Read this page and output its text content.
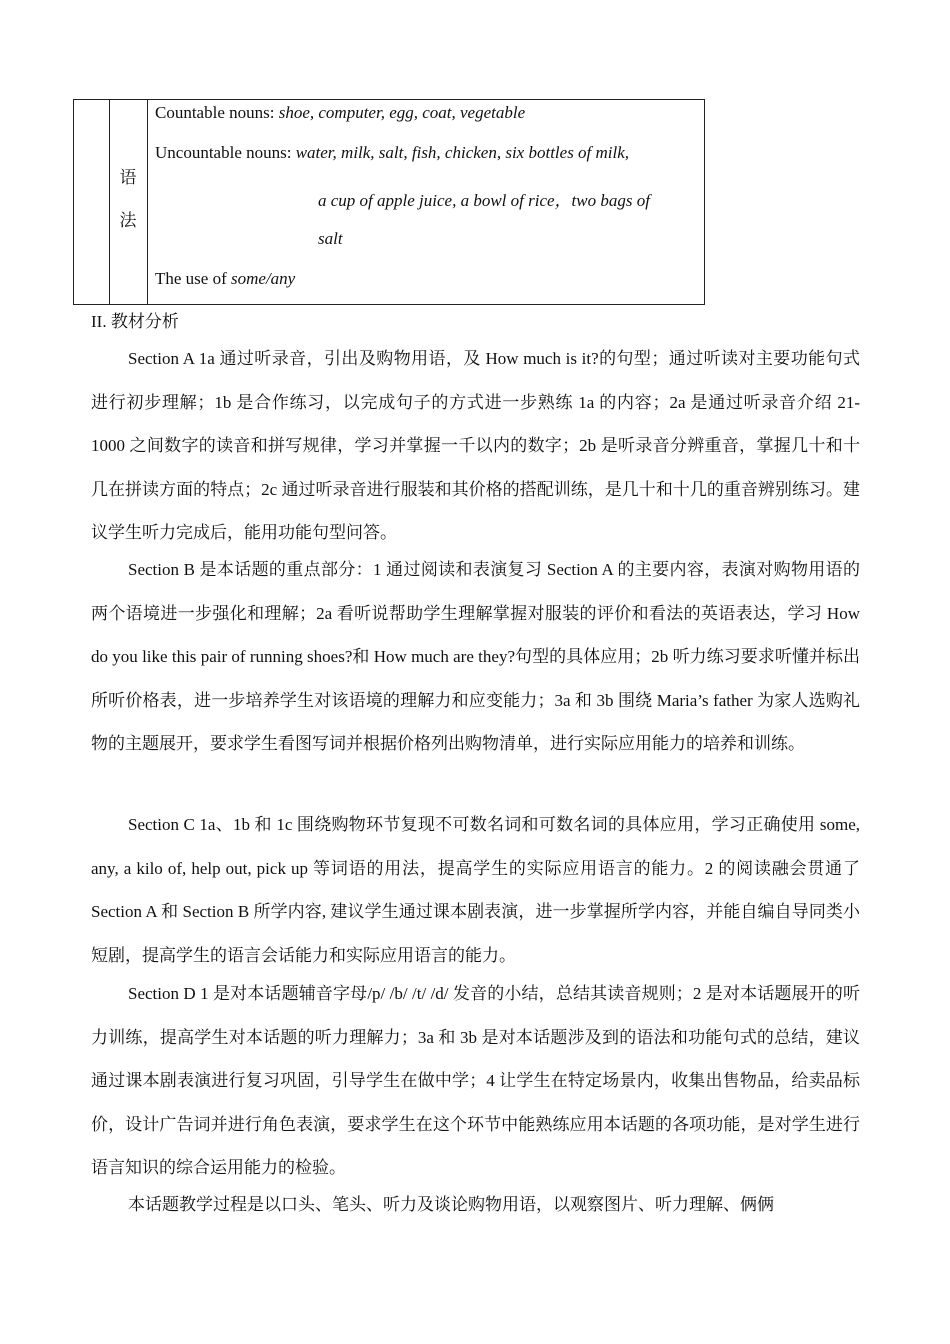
语
法
Countable nouns: shoe, computer, egg, coat, vegetable
Uncountable nouns: water, milk, salt, fish, chicken, six bottles of milk,
a cup of apple juice, a bowl of rice，two bags of
salt
The use of some/any
II. 教材分析

Section A 1a 通过听录音，引出及购物用语，及 How much is it?的句型；通过听读对主要功能句式进行初步理解；1b 是合作练习，以完成句子的方式进一步熟练 1a 的内容；2a 是通过听录音介绍 21-1000 之间数字的读音和拼写规律，学习并掌握一千以内的数字；2b 是听录音分辨重音，掌握几十和十几在拼读方面的特点；2c 通过听录音进行服装和其价格的搭配训练，是几十和十几的重音辨别练习。建议学生听力完成后，能用功能句型问答。

Section B 是本话题的重点部分：1 通过阅读和表演复习 Section A 的主要内容，表演对购物用语的两个语境进一步强化和理解；2a 看听说帮助学生理解掌握对服装的评价和看法的英语表达，学习 How do you like this pair of running shoes?和 How much are they?句型的具体应用；2b 听力练习要求听懂并标出所听价格表，进一步培养学生对该语境的理解力和应变能力；3a 和 3b 围绕 Maria’s father 为家人选购礼物的主题展开，要求学生看图写词并根据价格列出购物清单，进行实际应用能力的培养和训练。

Section C 1a、1b 和 1c 围绕购物环节复现不可数名词和可数名词的具体应用，学习正确使用 some, any, a kilo of, help out, pick up 等词语的用法，提高学生的实际应用语言的能力。2 的阅读融会贯通了 Section A 和 Section B 所学内容, 建议学生通过课本剧表演，进一步掌握所学内容，并能自编自导同类小短剧，提高学生的语言会话能力和实际应用语言的能力。

Section D 1 是对本话题辅音字母/p/ /b/ /t/ /d/ 发音的小结，总结其读音规则；2 是对本话题展开的听力训练，提高学生对本话题的听力理解力；3a 和 3b 是对本话题涉及到的语法和功能句式的总结，建议通过课本剧表演进行复习巩固，引导学生在做中学；4 让学生在特定场景内，收集出售物品，给卖品标价，设计广告词并进行角色表演，要求学生在这个环节中能熟练应用本话题的各项功能，是对学生进行语言知识的综合运用能力的检验。

本话题教学过程是以口头、笔头、听力及谈论购物用语，以观察图片、听力理解、俩俩
